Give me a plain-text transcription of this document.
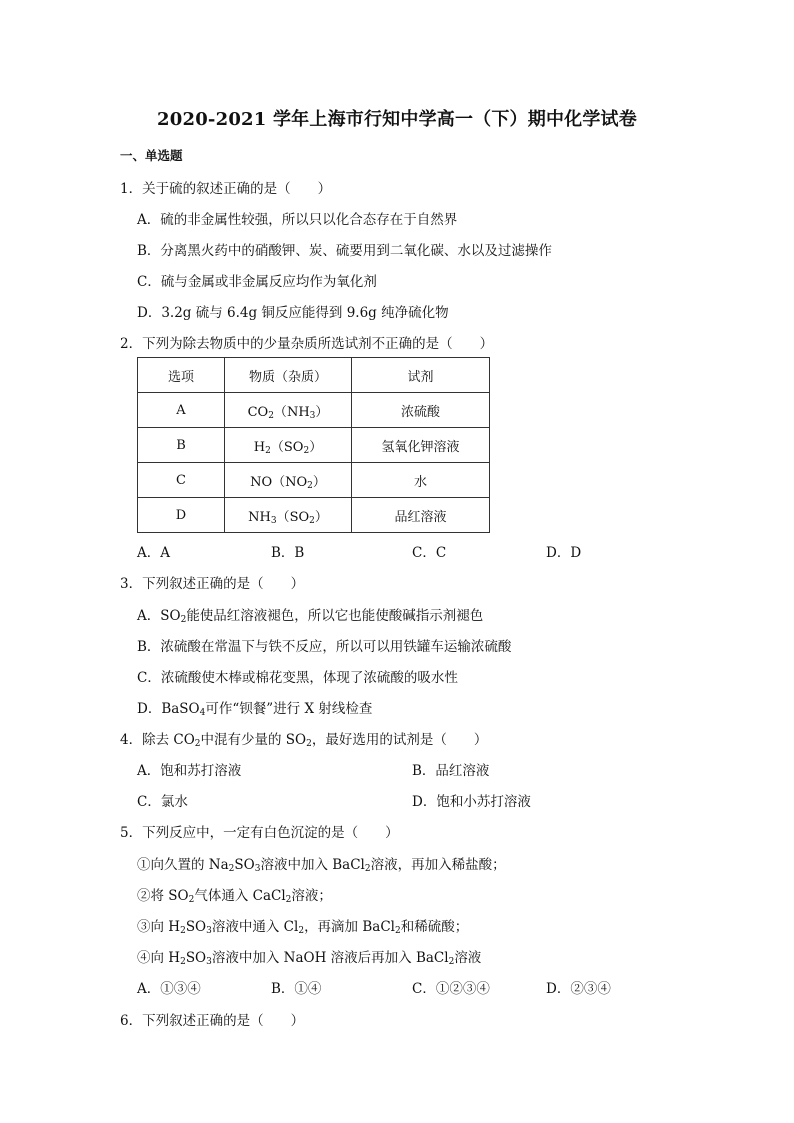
2020-2021 学年上海市行知中学高一（下）期中化学试卷
一、单选题
1．关于硫的叙述正确的是（　　）
A．硫的非金属性较强，所以只以化合态存在于自然界
B．分离黑火药中的硝酸钾、炭、硫要用到二氧化碳、水以及过滤操作
C．硫与金属或非金属反应均作为氧化剂
D．3.2g 硫与 6.4g 铜反应能得到 9.6g 纯净硫化物
2．下列为除去物质中的少量杂质所选试剂不正确的是（　　）
选项	物质（杂质）	试剂
A	$CO_2(NH_3)$	浓硫酸
B	$H_2(SO_2)$	氢氧化钾溶液
C	$NO(NO_2)$	水
D	$NH_3(SO_2)$	品红溶液
A．A	B．B	C．C	D．D
3．下列叙述正确的是（　　）
A．$SO_2$能使品红溶液褪色，所以它也能使酸碱指示剂褪色
B．浓硫酸在常温下与铁不反应，所以可以用铁罐车运输浓硫酸
C．浓硫酸使木棒或棉花变黑，体现了浓硫酸的吸水性
D．BaSO$_4$可作“钡餐”进行 X 射线检查
4．除去 $CO_2$中混有少量的 $SO_2$，最好选用的试剂是（　　）
A．饱和苏打溶液	B．品红溶液
C．氯水	D．饱和小苏打溶液
5．下列反应中，一定有白色沉淀的是（　　）
①向久置的 $Na_2SO_3$溶液中加入 BaCl$_2$溶液，再加入稀盐酸；
②将 $SO_2$气体通入 CaCl$_2$溶液；
③向 $H_2SO_3$溶液中通入 $Cl_2$，再滴加 BaCl$_2$和稀硫酸；
④向 $H_2SO_3$溶液中加入 NaOH 溶液后再加入 BaCl$_2$溶液
A．①③④	B．①④	C．①②③④	D．②③④
6．下列叙述正确的是（　　）
